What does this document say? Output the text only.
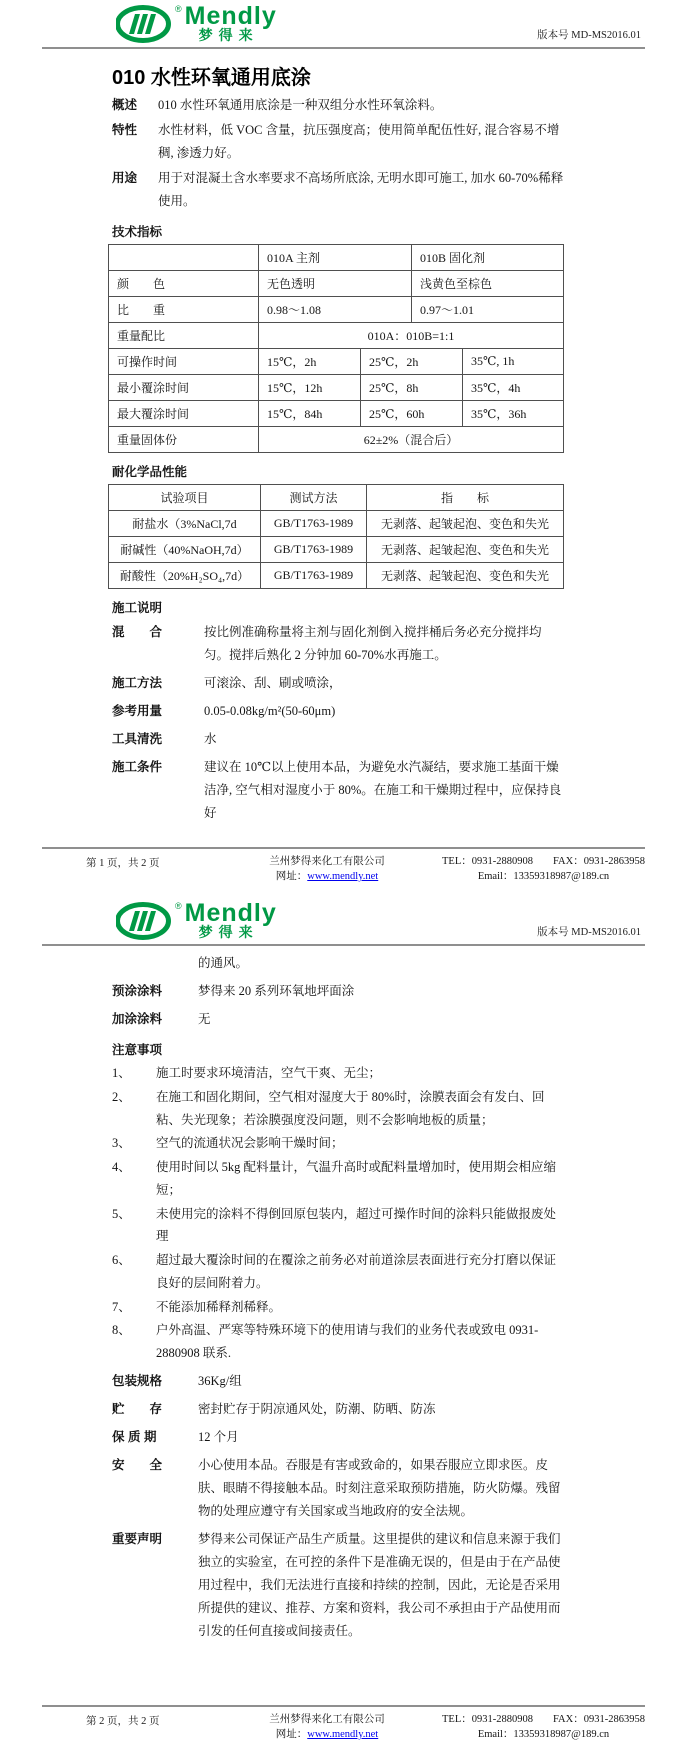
® Mendly
梦得来	版本号 MD-MS2016.01
010 水性环氧通用底涂
概述	010 水性环氧通用底涂是一种双组分水性环氧涂料。
特性	水性材料，低 VOC 含量，抗压强度高；使用简单配伍性好, 混合容易不增稠, 渗透力好。
用途	用于对混凝土含水率要求不高场所底涂, 无明水即可施工, 加水 60-70%稀释使用。
技术指标
	010A 主剂		010B 固化剂	
颜　　色	无色透明		浅黄色至棕色	
比　　重	0.98～1.08		0.97～1.01	
重量配比	010A：010B=1:1			
可操作时间	15℃，2h	25℃，2h		35℃, 1h
最小覆涂时间	15℃，12h	25℃，8h		35℃，4h
最大覆涂时间	15℃，84h	25℃，60h		35℃，36h
重量固体份	62±2%（混合后）			
耐化学品性能
试验项目	测试方法	指　　标
耐盐水（3%NaCl,7d	GB/T1763-1989	无剥落、起皱起泡、变色和失光
耐碱性（40%NaOH,7d）	GB/T1763-1989	无剥落、起皱起泡、变色和失光
耐酸性（20%H₂SO₄,7d）	GB/T1763-1989	无剥落、起皱起泡、变色和失光
施工说明
混　　合	按比例准确称量将主剂与固化剂倒入搅拌桶后务必充分搅拌均匀。搅拌后熟化 2 分钟加 60-70%水再施工。
施工方法	可滚涂、刮、刷或喷涂，
参考用量	0.05-0.08kg/m²(50-60μm)
工具清洗	水
施工条件	建议在 10℃以上使用本品，为避免水汽凝结，要求施工基面干燥洁净, 空气相对湿度小于 80%。在施工和干燥期过程中，应保持良好
第 1 页，共 2 页	兰州梦得来化工有限公司
网址：www.mendly.net
TEL：0931-2880908 FAX：0931-2863958
Email：13359318987@189.cn
® Mendly
梦得来	版本号 MD-MS2016.01
的通风。
预涂涂料	梦得来 20 系列环氧地坪面涂
加涂涂料	无
注意事项
1、	施工时要求环境清洁，空气干爽、无尘；
2、	在施工和固化期间，空气相对湿度大于 80%时，涂膜表面会有发白、回粘、失光现象；若涂膜强度没问题，则不会影响地板的质量；
3、	空气的流通状况会影响干燥时间；
4、	使用时间以 5kg 配料量计，气温升高时或配料量增加时，使用期会相应缩短；
5、	未使用完的涂料不得倒回原包装内，超过可操作时间的涂料只能做报废处理
6、	超过最大覆涂时间的在覆涂之前务必对前道涂层表面进行充分打磨以保证良好的层间附着力。
7、	不能添加稀释剂稀释。
8、	户外高温、严寒等特殊环境下的使用请与我们的业务代表或致电 0931-2880908 联系.
包装规格	36Kg/组
贮　　存	密封贮存于阴凉通风处，防潮、防晒、防冻
保 质 期	12 个月
安　　全	小心使用本品。吞服是有害或致命的，如果吞服应立即求医。皮肤、眼睛不得接触本品。时刻注意采取预防措施，防火防爆。残留物的处理应遵守有关国家或当地政府的安全法规。
重要声明	梦得来公司保证产品生产质量。这里提供的建议和信息来源于我们独立的实验室，在可控的条件下是准确无误的，但是由于在产品使用过程中，我们无法进行直接和持续的控制，因此，无论是否采用所提供的建议、推荐、方案和资料，我公司不承担由于产品使用而引发的任何直接或间接责任。
第 2 页，共 2 页	兰州梦得来化工有限公司
网址：www.mendly.net
TEL：0931-2880908 FAX：0931-2863958
Email：13359318987@189.cn
